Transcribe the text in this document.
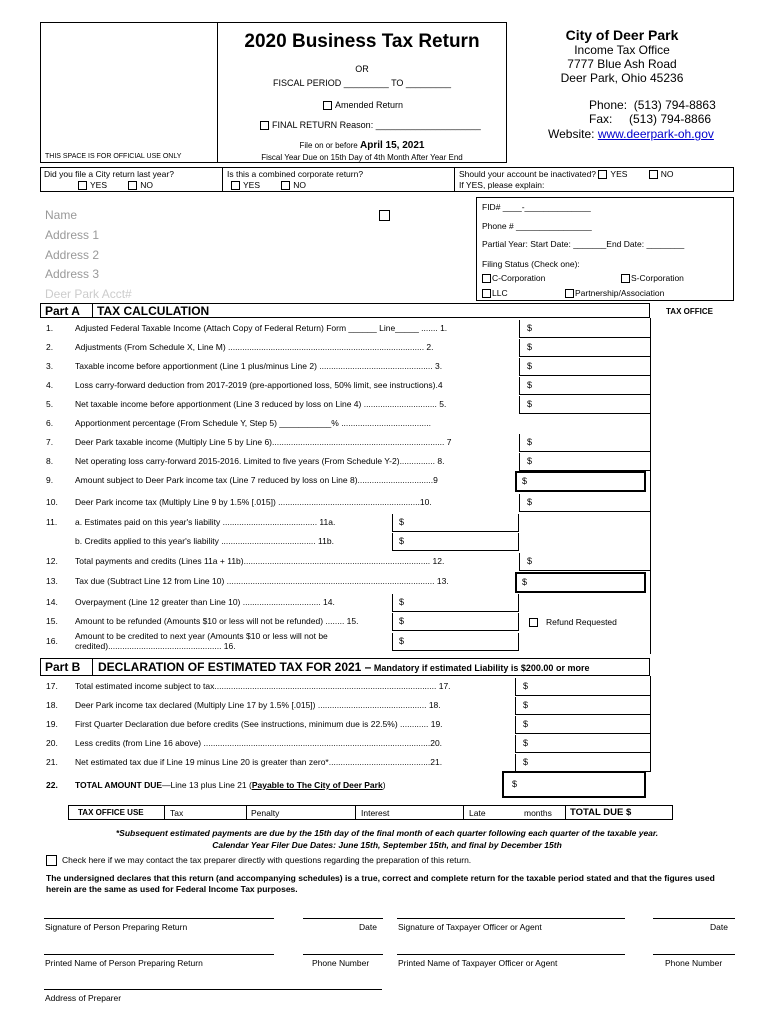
THIS SPACE IS FOR OFFICIAL USE ONLY
2020 Business Tax Return
OR
FISCAL PERIOD _________ TO _________
Amended Return
FINAL RETURN Reason: _____________________
File on or before April 15, 2021
Fiscal Year Due on 15th Day of 4th Month After Year End
City of Deer Park
Income Tax Office
7777 Blue Ash Road
Deer Park, Ohio 45236
Phone: (513) 794-8863
Fax: (513) 794-8866
Website: www.deerpark-oh.gov
Did you file a City return last year?
YES	NO
Is this a combined corporate return?
YES	NO
Should your account be inactivated? YES	NO
If YES, please explain:
Name
Address 1
Address 2
Address 3
Deer Park Acct#
FID# ____-______________
Phone # ________________
Partial Year: Start Date: _______End Date: ________
Filing Status (Check one):
C-Corporation	S-Corporation
LLC	Partnership/Association
Part A TAX CALCULATION	TAX OFFICE
1.	Adjusted Federal Taxable Income (Attach Copy of Federal Return) Form ______ Line_____ ....... 1.	$
2.	Adjustments (From Schedule X, Line M) ................................................................................... 2.	$
3.	Taxable income before apportionment (Line 1 plus/minus Line 2) ................................................ 3.	$
4.	Loss carry-forward deduction from 2017-2019 (pre-apportioned loss, 50% limit, see instructions).4	$
5.	Net taxable income before apportionment (Line 3 reduced by loss on Line 4) ............................... 5.	$
6.	Apportionment percentage (From Schedule Y, Step 5) ___________% ......................................
7.	Deer Park taxable income (Multiply Line 5 by Line 6)......................................................................... 7	$
8.	Net operating loss carry-forward 2015-2016. Limited to five years (From Schedule Y-2)............... 8.	$
9.	Amount subject to Deer Park income tax (Line 7 reduced by loss on Line 8)................................9	$
10. Deer Park income tax (Multiply Line 9 by 1.5% [.015]) ............................................................10.	$
11. a. Estimates paid on this year's liability ........................................ 11a.	$
b. Credits applied to this year's liability ........................................ 11b.	$
12. Total payments and credits (Lines 11a + 11b)............................................................................... 12.	$
13. Tax due (Subtract Line 12 from Line 10) ........................................................................................ 13.	$
14. Overpayment (Line 12 greater than Line 10) ................................. 14.	$
15. Amount to be refunded (Amounts $10 or less will not be refunded) ........ 15.	$
16. Amount to be credited to next year (Amounts $10 or less will not be credited)................................................ 16.	$
Refund Requested
Part B DECLARATION OF ESTIMATED TAX FOR 2021 – Mandatory if estimated Liability is $200.00 or more
17. Total estimated income subject to tax.............................................................................................. 17.	$
18. Deer Park income tax declared (Multiply Line 17 by 1.5% [.015]) .............................................. 18.	$
19. First Quarter Declaration due before credits (See instructions, minimum due is 22.5%) ............ 19.	$
20. Less credits (from Line 16 above) ................................................................................................20.	$
21. Net estimated tax due if Line 19 minus Line 20 is greater than zero*...........................................21.	$
22. TOTAL AMOUNT DUE—Line 13 plus Line 21 (Payable to The City of Deer Park)	$
TAX OFFICE USE	Tax	Penalty	Interest	Late	months TOTAL DUE $
*Subsequent estimated payments are due by the 15th day of the final month of each quarter following each quarter of the taxable year.
Calendar Year Filer Due Dates: June 15th, September 15th, and final by December 15th
Check here if we may contact the tax preparer directly with questions regarding the preparation of this return.
The undersigned declares that this return (and accompanying schedules) is a true, correct and complete return for the taxable period stated and that the figures used herein are the same as used for Federal Income Tax purposes.
Signature of Person Preparing Return	Date Signature of Taxpayer Officer or Agent	Date
Printed Name of Person Preparing Return	Phone Number	Printed Name of Taxpayer Officer or Agent	Phone Number
Address of Preparer
